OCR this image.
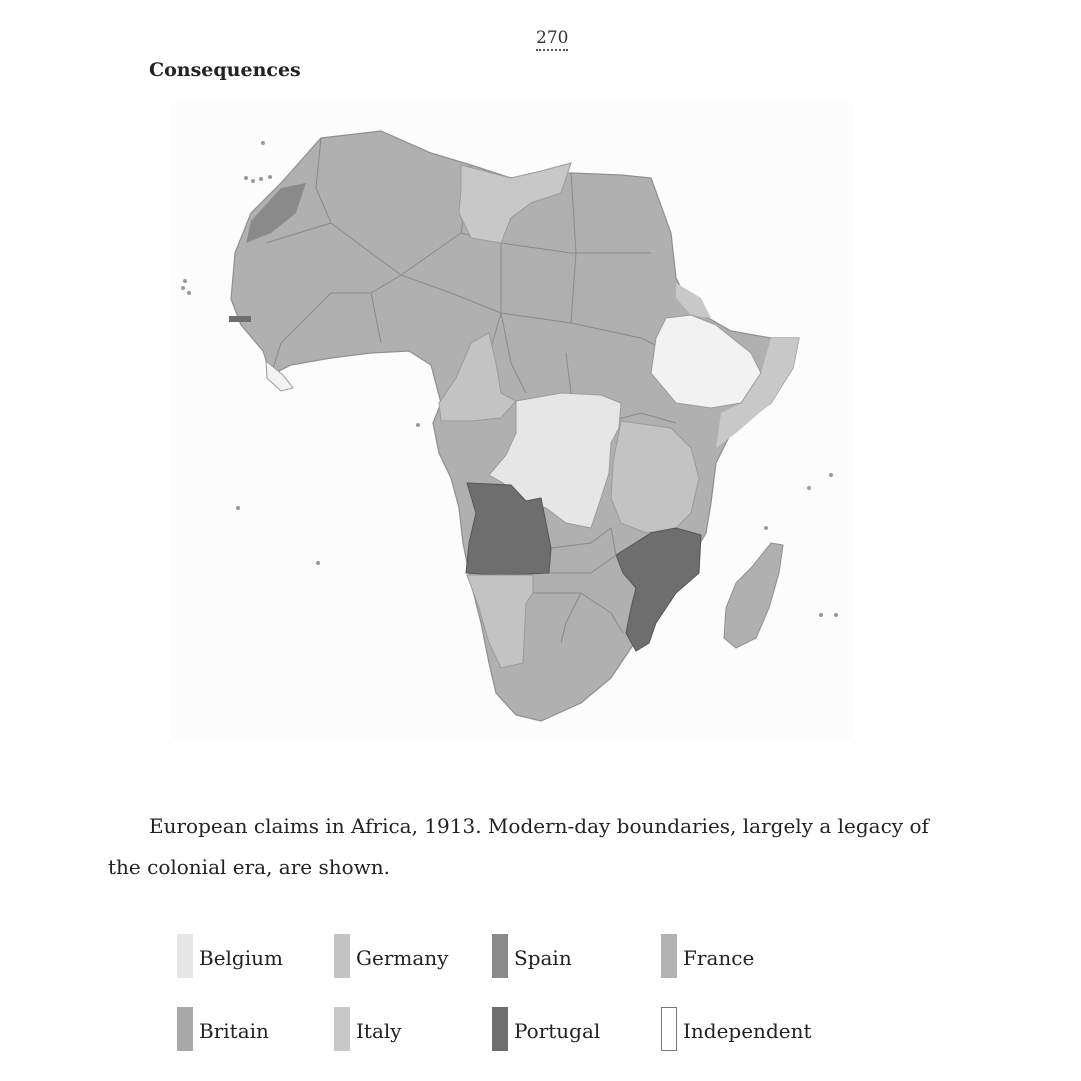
270
Consequences
European claims in Africa, 1913. Modern-day boundaries, largely a legacy of the colonial era, are shown.
Belgium	Germany	Spain	France
Britain	Italy	Portugal	Independent
